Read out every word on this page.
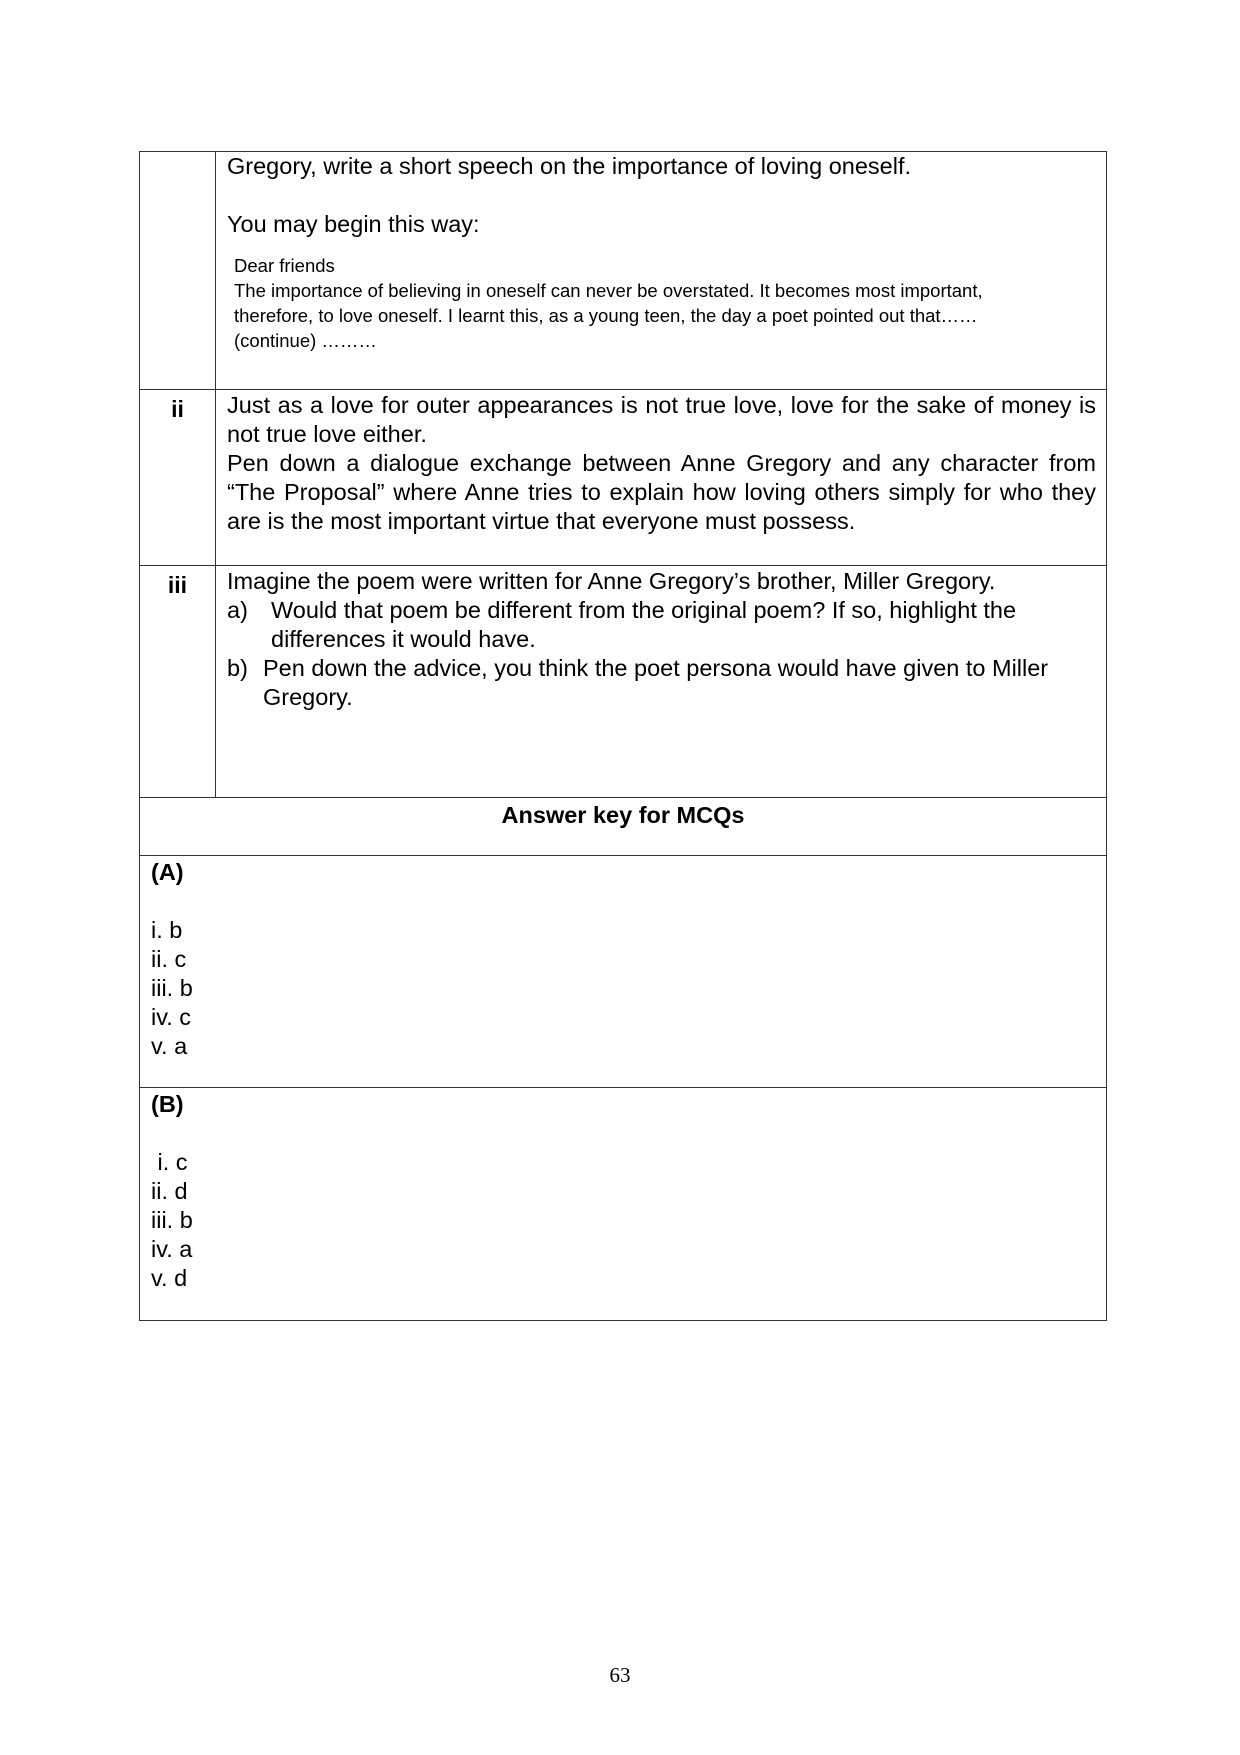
Gregory, write a short speech on the importance of loving oneself.

You may begin this way:

Dear friends
The importance of believing in oneself can never be overstated. It becomes most important,
therefore, to love oneself. I learnt this, as a young teen, the day a poet pointed out that……
(continue) ………
ii	Just as a love for outer appearances is not true love, love for the sake of money is not true love either.

Pen down a dialogue exchange between Anne Gregory and any character from “The Proposal” where Anne tries to explain how loving others simply for who they are is the most important virtue that everyone must possess.

iii	Imagine the poem were written for Anne Gregory’s brother, Miller Gregory.

a) Would that poem be different from the original poem? If so, highlight the differences it would have.
b) Pen down the advice, you think the poet persona would have given to Miller Gregory.
Answer key for MCQs
(A)
i. b
ii. c
iii. b
iv. c
v. a
(B)
i. c
ii. d
iii. b
iv. a
v. d
63
